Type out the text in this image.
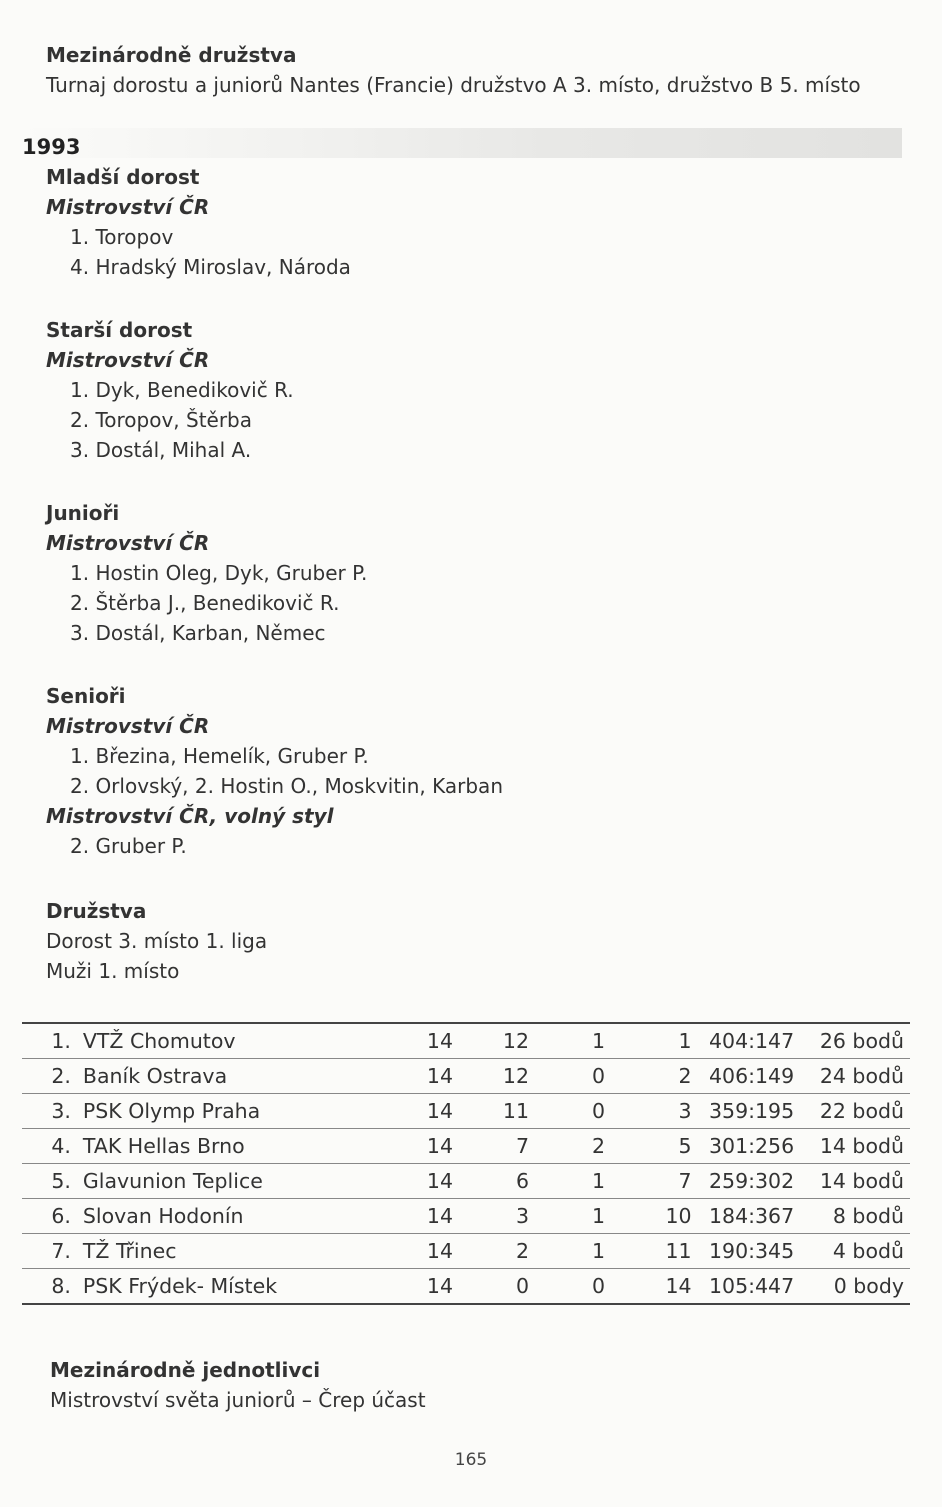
Mezinárodně družstva
Turnaj dorostu a juniorů Nantes (Francie) družstvo A 3. místo, družstvo B 5. místo
1993
Mladší dorost
Mistrovství ČR
1. Toropov
4. Hradský Miroslav, Národa
Starší dorost
Mistrovství ČR
1. Dyk, Benedikovič R.
2. Toropov, Štěrba
3. Dostál, Mihal A.
Junioři
Mistrovství ČR
1. Hostin Oleg, Dyk, Gruber P.
2. Štěrba J., Benedikovič R.
3. Dostál, Karban, Němec
Senioři
Mistrovství ČR
1. Březina, Hemelík, Gruber P.
2. Orlovský, 2. Hostin O., Moskvitin, Karban
Mistrovství ČR, volný styl
2. Gruber P.
Družstva
Dorost 3. místo 1. liga
Muži 1. místo
1.	VTŽ Chomutov	14	12	1	1	404:147	26 bodů
2.	Baník Ostrava	14	12	0	2	406:149	24 bodů
3.	PSK Olymp Praha	14	11	0	3	359:195	22 bodů
4.	TAK Hellas Brno	14	7	2	5	301:256	14 bodů
5.	Glavunion Teplice	14	6	1	7	259:302	14 bodů
6.	Slovan Hodonín	14	3	1	10	184:367	8 bodů
7.	TŽ Třinec	14	2	1	11	190:345	4 bodů
8.	PSK Frýdek- Místek	14	0	0	14	105:447	0 body
Mezinárodně jednotlivci
Mistrovství světa juniorů – Črep účast
165
